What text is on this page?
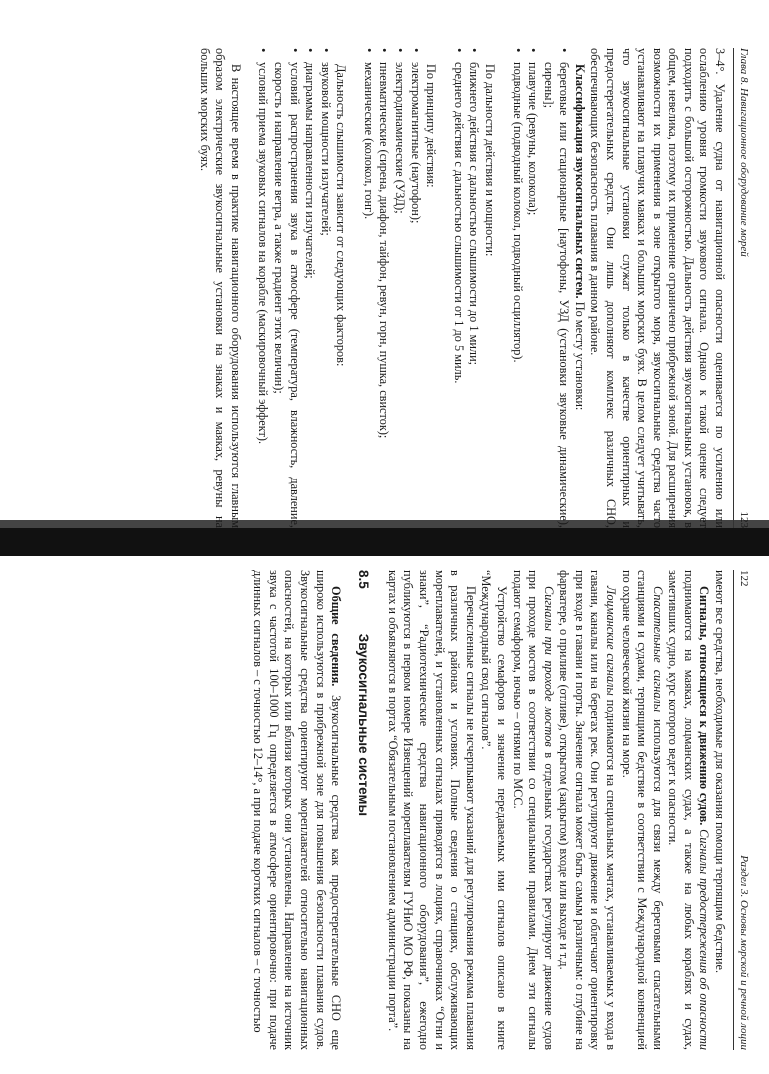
122
Раздел 3. Основы морской и речной лоции

имеют все средства, необходимые для оказания помощи терпящим бедствие.

Сигналы, относящиеся к движению судов. Сигналы предостережения об опасности поднимаются на маяках, лоцманских судах, а также на любых кораблях и судах, заметивших судно, курс которого ведет к опасности.

Спасательные сигналы используются для связи между береговыми спасательными станциями и судами, терпящими бедствие в соответствии с Международной конвенцией по охране человеческой жизни на море.

Лоцманские сигналы поднимаются на специальных мачтах, устанавливаемых у входа в гавани, каналы или на берегах рек. Они регулируют движение и облегчают ориентировку при входе в гавани и порты. Значение сигнала может быть самым различным: о глубине на фарватере, о приливе (отливе), открытом (закрытом) входе или выходе и т.д.

Сигналы при проходе мостов в отдельных государствах регулируют движение судов при проходе мостов в соответствии со специальными правилами. Днем эти сигналы подают семафором, ночью – огнями по МСС.

Устройство семафоров и значение передаваемых ими сигналов описано в книге “Международный свод сигналов”.

Перечисленные сигналы не исчерпывают указаний для регулирования режима плавания в различных районах и условиях. Полные сведения о станциях, обслуживающих мореплавателей, и установленных сигналах приводятся в лоциях, справочниках “Огни и знаки”, “Радиотехнические средства навигационного оборудования”, ежегодно публикуются в первом номере Извещений мореплавателям ГУНиО МО РФ, показаны на картах и объявляются в портах “Обязательным постановлением администрации порта”.

8.5 Звукосигнальные системы

Общие сведения. Звукосигнальные средства как предостерегательные СНО еще широко используются в прибрежной зоне для повышения безопасности плавания судов. Звукосигнальные средства ориентируют мореплавателей относительно навигационных опасностей, на которых или вблизи которых они установлены. Направление на источник звука с частотой 100–1000 Гц определяется в атмосфере ориентировочно: при подаче длинных сигналов – с точностью 12–14°, а при подаче коротких сигналов – с точностью

Глава 8. Навигационное оборудование морей
123

3–4°. Удаление судна от навигационной опасности оценивается по усилению или ослаблению уровня громкости звукового сигнала. Однако к такой оценке следует подходить с большой осторожностью. Дальность действия звукосигнальных установок, в общем, невелика, поэтому их применение ограничено прибрежной зоной. Для расширения возможности их применения в зоне открытого моря, звукосигнальные средства часто устанавливают на плавучих маяках и больших морских буях. В целом следует учитывать, что звукосигнальные установки служат только в качестве ориентирных и предостерегательных средств. Они лишь дополняют комплекс различных СНО, обеспечивающих безопасность плавания в данном районе.

Классификация звукосигнальных систем. По месту установки:

• береговые или стационарные [наутофоны, УЗД (установки звуковые динамические), сирены];
• плавучие (ревуны, колокола);
• подводные (подводный колокол, подводный осциллятор).

По дальности действия и мощности:

• ближнего действия с дальностью слышимости до 1 мили;
• среднего действия с дальностью слышимости от 1 до 5 миль.

По принципу действия:

• электромагнитные (наутофон);
• электродинамические (УЗД);
• пневматические (сирена, диафон, тайфон, ревун, горн, пушка, свисток);
• механические (колокол, гонг).

Дальность слышимости зависит от следующих факторов:

• звуковой мощности излучателей;
• диаграммы направленности излучателей;
• условий распространения звука в атмосфере (температура, влажность, давление, скорость и направление ветра, а также градиент этих величин);
• условий приема звуковых сигналов на корабле (маскировочный эффект).

В настоящее время в практике навигационного оборудования используются главным образом электрические звукосигнальные установки на знаках и маяках, ревуны на больших морских буях.
